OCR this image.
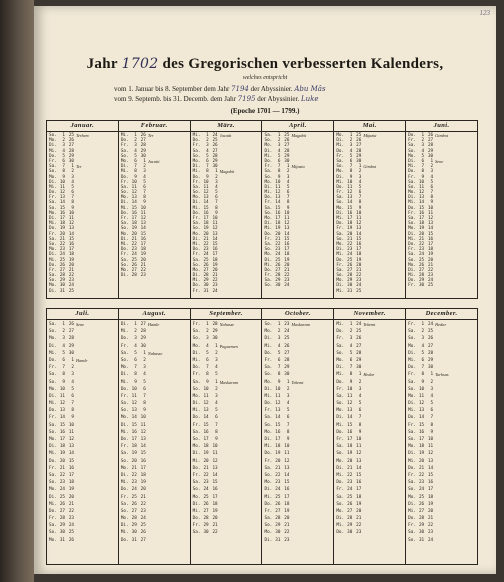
123
Jahr 1702 des Gregorischen verbesserten Kalenders,
welches entspricht
vom 1. Januar bis 8. September dem Jahr 7194 der Abyssinier. Abu Mâs
vom 9. Septemb. bis 31. Decemb. dem Jahr 7195 der Abyssinier. Luke
(Epoche 1701 — 1799.)
Januar.
So.	1 25 Terhem
Mo.	2 26
Di.	3 27
Mi.	4 28
Do.	5 29
Fr.	6 30
Sa.	7	1 Ter
So.	8	2
Mo.	9	3
Di. 10	4
Mi. 11	5
Do. 12	6
Fr. 13	7
Sa. 14	8
So. 15	9
Mo. 16 10
Di. 17 11
Mi. 18 12
Do. 19 13
Fr. 20 14
Sa. 21 15
So. 22 16
Mo. 23 17
Di. 24 18
Mi. 25 19
Do. 26 20
Fr. 27 21
Sa. 28 22
So. 29 23
Mo. 30 24
Di. 31 25
Februar.
Mi.	1 26 Ter
Do.	2 27
Fr.	3 28
Sa.	4 29
So.	5 30
Mo.	6	1 Jacatit
Di.	7	2
Mi.	8	3
Do.	9	4
Fr. 10	5
Sa. 11	6
So. 12	7
Mo. 13	8
Di. 14	9
Mi. 15 10
Do. 16 11
Fr. 17 12
Sa. 18 13
So. 19 14
Mo. 20 15
Di. 21 16
Mi. 22 17
Do. 23 18
Fr. 24 19
Sa. 25 20
So. 26 21
Mo. 27 22
Di. 28 23
März.
Mi.	1 24 Jacatit
Do.	2 25
Fr.	3 26
Sa.	4 27
So.	5 28
Mo.	6 29
Di.	7 30
Mi.	8	1 Magabit
Do.	9	2
Fr. 10	3
Sa. 11	4
So. 12	5
Mo. 13	6
Di. 14	7
Mi. 15	8
Do. 16	9
Fr. 17 10
Sa. 18 11
So. 19 12
Mo. 20 13
Di. 21 14
Mi. 22 15
Do. 23 16
Fr. 24 17
Sa. 25 18
So. 26 19
Mo. 27 20
Di. 28 21
Mi. 29 22
Do. 30 23
Fr. 31 24
April.
Sa.	1 25 Magabit
So.	2 26
Mo.	3 27
Di.	4 28
Mi.	5 29
Do.	6 30
Fr.	7	1 Mijazia
Sa.	8	2
So.	9	3
Mo. 10	4
Di. 11	5
Mi. 12	6
Do. 13	7
Fr. 14	8
Sa. 15	9
So. 16 10
Mo. 17 11
Di. 18 12
Mi. 19 13
Do. 20 14
Fr. 21 15
Sa. 22 16
So. 23 17
Mo. 24 18
Di. 25 19
Mi. 26 20
Do. 27 21
Fr. 28 22
Sa. 29 23
So. 30 24
Mai.
Mo.	1 25 Mijazia
Di.	2 26
Mi.	3 27
Do.	4 28
Fr.	5 29
Sa.	6 30
So.	7	1 Gimbot
Mo.	8	2
Di.	9	3
Mi. 10	4
Do. 11	5
Fr. 12	6
Sa. 13	7
So. 14	8
Mo. 15	9
Di. 16 10
Mi. 17 11
Do. 18 12
Fr. 19 13
Sa. 20 14
So. 21 15
Mo. 22 16
Di. 23 17
Mi. 24 18
Do. 25 19
Fr. 26 20
Sa. 27 21
So. 28 22
Mo. 29 23
Di. 30 24
Mi. 31 25
Juni.
Do.	1 26 Gimbot
Fr.	2 27
Sa.	3 28
So.	4 29
Mo.	5 30
Di.	6	1 Sene
Mi.	7	2
Do.	8	3
Fr.	9	4
Sa. 10	5
So. 11	6
Mo. 12	7
Di. 13	8
Mi. 14	9
Do. 15 10
Fr. 16 11
Sa. 17 12
So. 18 13
Mo. 19 14
Di. 20 15
Mi. 21 16
Do. 22 17
Fr. 23 18
Sa. 24 19
So. 25 20
Mo. 26 21
Di. 27 22
Mi. 28 23
Do. 29 24
Fr. 30 25
Juli.
Sa.	1 26 Sene
So.	2 27
Mo.	3 28
Di.	4 29
Mi.	5 30
Do.	6	1 Hamle
Fr.	7	2
Sa.	8	3
So.	9	4
Mo. 10	5
Di. 11	6
Mi. 12	7
Do. 13	8
Fr. 14	9
Sa. 15 10
So. 16 11
Mo. 17 12
Di. 18 13
Mi. 19 14
Do. 20 15
Fr. 21 16
Sa. 22 17
So. 23 18
Mo. 24 19
Di. 25 20
Mi. 26 21
Do. 27 22
Fr. 28 23
Sa. 29 24
So. 30 25
Mo. 31 26
August.
Di.	1 27 Hamle
Mi.	2 28
Do.	3 29
Fr.	4 30
Sa.	5	1 Nahasse
So.	6	2
Mo.	7	3
Di.	8	4
Mi.	9	5
Do. 10	6
Fr. 11	7
Sa. 12	8
So. 13	9
Mo. 14 10
Di. 15 11
Mi. 16 12
Do. 17 13
Fr. 18 14
Sa. 19 15
So. 20 16
Mo. 21 17
Di. 22 18
Mi. 23 19
Do. 24 20
Fr. 25 21
Sa. 26 22
So. 27 23
Mo. 28 24
Di. 29 25
Mi. 30 26
Do. 31 27
September.
Fr.	1 28 Nahasse
Sa.	2 29
So.	3 30
Mo.	4	1 Paguemen
Di.	5	2
Mi.	6	3
Do.	7	4
Fr.	8	5
Sa.	9	1 Maskaram
So. 10	2
Mo. 11	3
Di. 12	4
Mi. 13	5
Do. 14	6
Fr. 15	7
Sa. 16	8
So. 17	9
Mo. 18 10
Di. 19 11
Mi. 20 12
Do. 21 13
Fr. 22 14
Sa. 23 15
So. 24 16
Mo. 25 17
Di. 26 18
Mi. 27 19
Do. 28 20
Fr. 29 21
Sa. 30 22
October.
So.	1 23 Maskaram
Mo.	2 24
Di.	3 25
Mi.	4 26
Do.	5 27
Fr.	6 28
Sa.	7 29
So.	8 30
Mo.	9	1 Tekemt
Di. 10	2
Mi. 11	3
Do. 12	4
Fr. 13	5
Sa. 14	6
So. 15	7
Mo. 16	8
Di. 17	9
Mi. 18 10
Do. 19 11
Fr. 20 12
Sa. 21 13
So. 22 14
Mo. 23 15
Di. 24 16
Mi. 25 17
Do. 26 18
Fr. 27 19
Sa. 28 20
So. 29 21
Mo. 30 22
Di. 31 23
November.
Mi.	1 24 Tekemt
Do.	2 25
Fr.	3 26
Sa.	4 27
So.	5 28
Mo.	6 29
Di.	7 30
Mi.	8	1 Hedar
Do.	9	2
Fr. 10	3
Sa. 11	4
So. 12	5
Mo. 13	6
Di. 14	7
Mi. 15	8
Do. 16	9
Fr. 17 10
Sa. 18 11
So. 19 12
Mo. 20 13
Di. 21 14
Mi. 22 15
Do. 23 16
Fr. 24 17
Sa. 25 18
So. 26 19
Mo. 27 20
Di. 28 21
Mi. 29 22
Do. 30 23
December.
Fr.	1 24 Hedar
Sa.	2 25
So.	3 26
Mo.	4 27
Di.	5 28
Mi.	6 29
Do.	7 30
Fr.	8	1 Tarhsas
Sa.	9	2
So. 10	3
Mo. 11	4
Di. 12	5
Mi. 13	6
Do. 14	7
Fr. 15	8
Sa. 16	9
So. 17 10
Mo. 18 11
Di. 19 12
Mi. 20 13
Do. 21 14
Fr. 22 15
Sa. 23 16
So. 24 17
Mo. 25 18
Di. 26 19
Mi. 27 20
Do. 28 21
Fr. 29 22
Sa. 30 23
So. 31 24
